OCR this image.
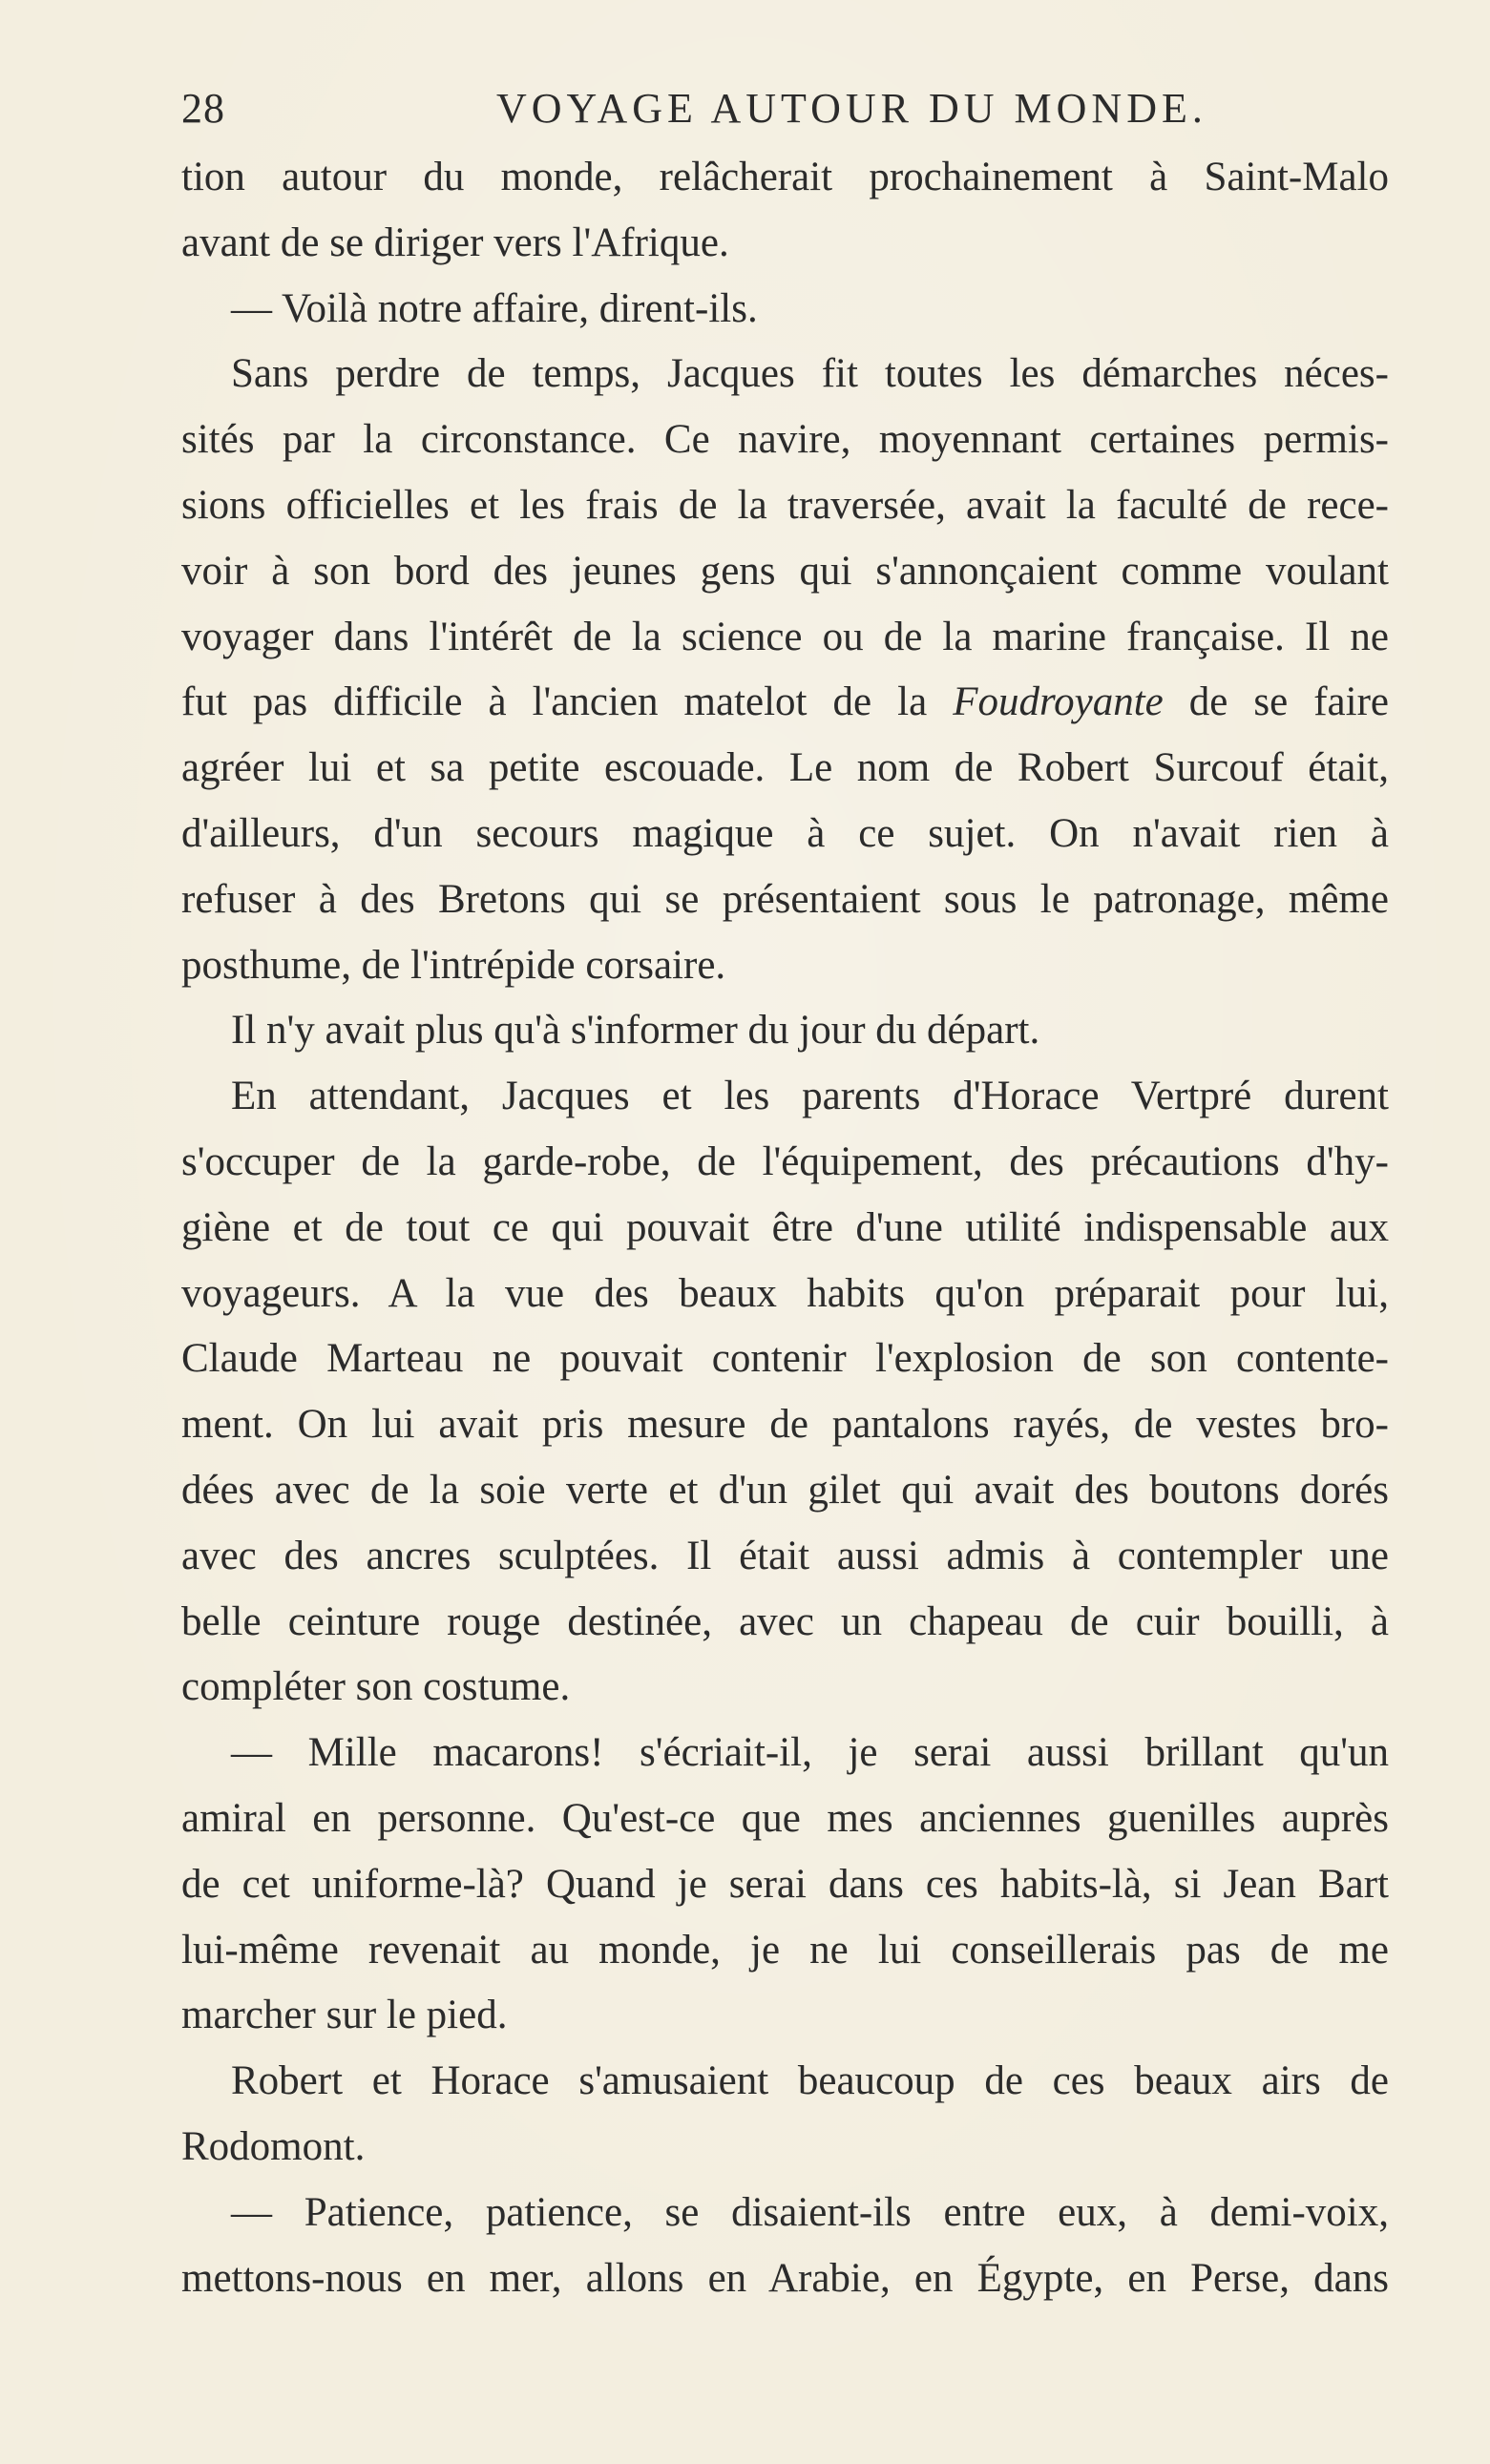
28	VOYAGE AUTOUR DU MONDE.
tion autour du monde, relâcherait prochainement à Saint-Malo
avant de se diriger vers l'Afrique.
— Voilà notre affaire, dirent-ils.
Sans perdre de temps, Jacques fit toutes les démarches néces-
sités par la circonstance. Ce navire, moyennant certaines permis-
sions officielles et les frais de la traversée, avait la faculté de rece-
voir à son bord des jeunes gens qui s'annonçaient comme voulant
voyager dans l'intérêt de la science ou de la marine française. Il ne
fut pas difficile à l'ancien matelot de la Foudroyante de se faire
agréer lui et sa petite escouade. Le nom de Robert Surcouf était,
d'ailleurs, d'un secours magique à ce sujet. On n'avait rien à
refuser à des Bretons qui se présentaient sous le patronage, même
posthume, de l'intrépide corsaire.
Il n'y avait plus qu'à s'informer du jour du départ.
En attendant, Jacques et les parents d'Horace Vertpré durent
s'occuper de la garde-robe, de l'équipement, des précautions d'hy-
giène et de tout ce qui pouvait être d'une utilité indispensable aux
voyageurs. A la vue des beaux habits qu'on préparait pour lui,
Claude Marteau ne pouvait contenir l'explosion de son contente-
ment. On lui avait pris mesure de pantalons rayés, de vestes bro-
dées avec de la soie verte et d'un gilet qui avait des boutons dorés
avec des ancres sculptées. Il était aussi admis à contempler une
belle ceinture rouge destinée, avec un chapeau de cuir bouilli, à
compléter son costume.
— Mille macarons! s'écriait-il, je serai aussi brillant qu'un
amiral en personne. Qu'est-ce que mes anciennes guenilles auprès
de cet uniforme-là? Quand je serai dans ces habits-là, si Jean Bart
lui-même revenait au monde, je ne lui conseillerais pas de me
marcher sur le pied.
Robert et Horace s'amusaient beaucoup de ces beaux airs de
Rodomont.
— Patience, patience, se disaient-ils entre eux, à demi-voix,
mettons-nous en mer, allons en Arabie, en Égypte, en Perse, dans
